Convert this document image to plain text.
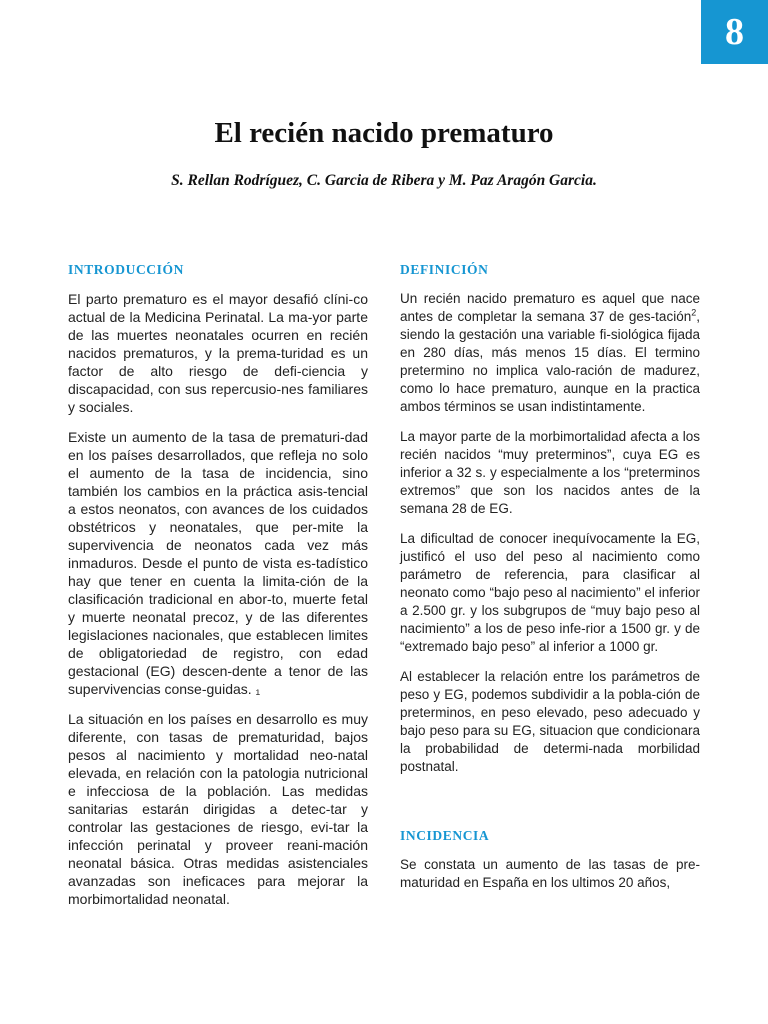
8
El recién nacido prematuro
S. Rellan Rodríguez, C. Garcia de Ribera y M. Paz Aragón Garcia.
INTRODUCCIÓN

El parto prematuro es el mayor desafió clíni-co actual de la Medicina Perinatal. La ma-yor parte de las muertes neonatales ocurren en recién nacidos prematuros, y la prema-turidad es un factor de alto riesgo de defi-ciencia y discapacidad, con sus repercusio-nes familiares y sociales.

Existe un aumento de la tasa de prematuri-dad en los países desarrollados, que refleja no solo el aumento de la tasa de incidencia, sino también los cambios en la práctica asis-tencial a estos neonatos, con avances de los cuidados obstétricos y neonatales, que per-mite la supervivencia de neonatos cada vez más inmaduros. Desde el punto de vista es-tadístico hay que tener en cuenta la limita-ción de la clasificación tradicional en abor-to, muerte fetal y muerte neonatal precoz, y de las diferentes legislaciones nacionales, que establecen limites de obligatoriedad de registro, con edad gestacional (EG) descen-dente a tenor de las supervivencias conse-guidas. ₁

La situación en los países en desarrollo es muy diferente, con tasas de prematuridad, bajos pesos al nacimiento y mortalidad neo-natal elevada, en relación con la patologia nutricional e infecciosa de la población. Las medidas sanitarias estarán dirigidas a detec-tar y controlar las gestaciones de riesgo, evi-tar la infección perinatal y proveer reani-mación neonatal básica. Otras medidas asistenciales avanzadas son ineficaces para mejorar la morbimortalidad neonatal.

DEFINICIÓN

Un recién nacido prematuro es aquel que nace antes de completar la semana 37 de ges-tación$^2$, siendo la gestación una variable fi-siológica fijada en 280 días, más menos 15 días. El termino pretermino no implica valo-ración de madurez, como lo hace prematuro, aunque en la practica ambos términos se usan indistintamente.

La mayor parte de la morbimortalidad afecta a los recién nacidos “muy preterminos”, cuya EG es inferior a 32 s. y especialmente a los “preterminos extremos” que son los nacidos antes de la semana 28 de EG.

La dificultad de conocer inequívocamente la EG, justificó el uso del peso al nacimiento como parámetro de referencia, para clasificar al neonato como “bajo peso al nacimiento” el inferior a 2.500 gr. y los subgrupos de “muy bajo peso al nacimiento” a los de peso infe-rior a 1500 gr. y de “extremado bajo peso” al inferior a 1000 gr.

Al establecer la relación entre los parámetros de peso y EG, podemos subdividir a la pobla-ción de preterminos, en peso elevado, peso adecuado y bajo peso para su EG, situacion que condicionara la probabilidad de determi-nada morbilidad postnatal.

INCIDENCIA

Se constata un aumento de las tasas de pre-maturidad en España en los ultimos 20 años,
